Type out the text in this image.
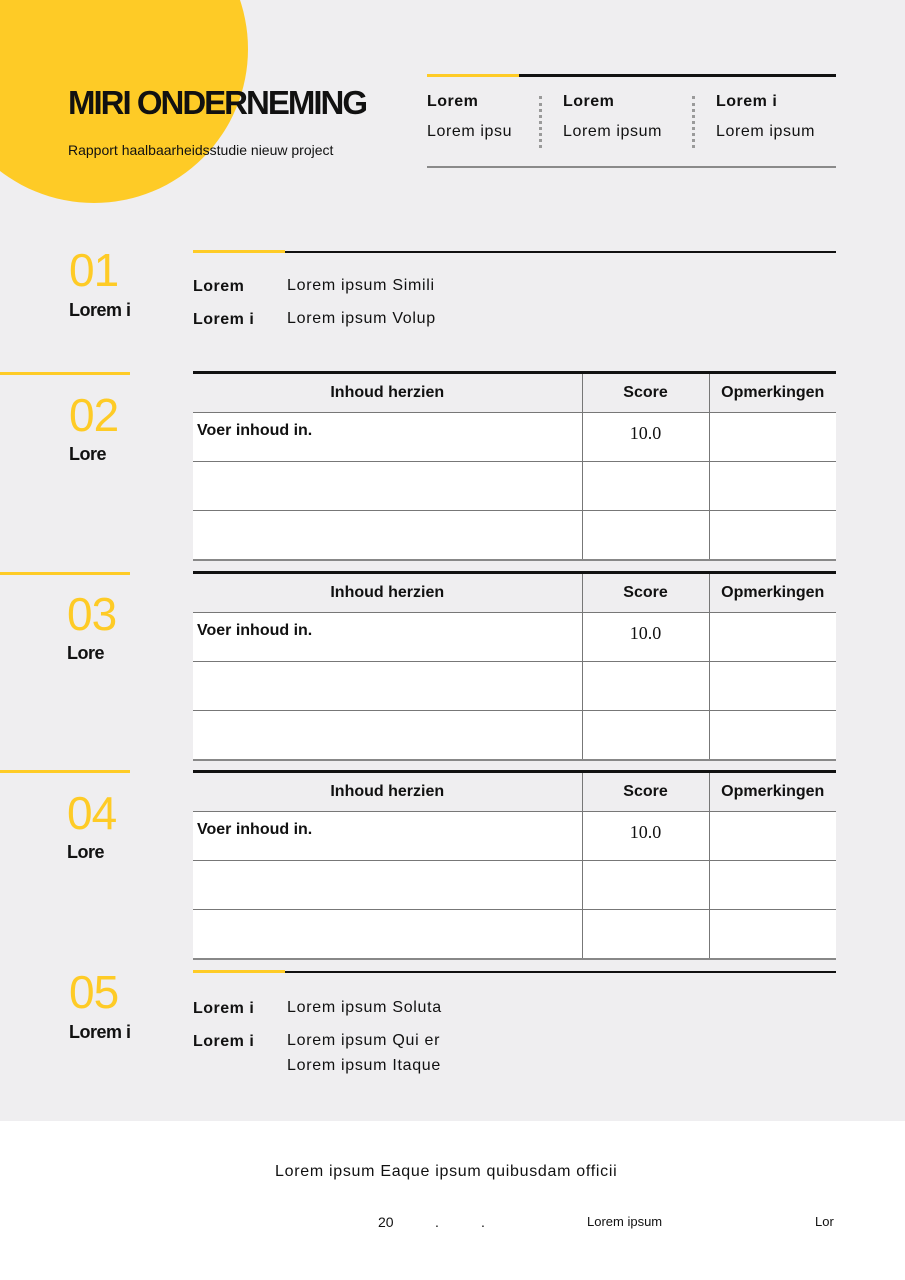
MIRI ONDERNEMING
Rapport haalbaarheidsstudie nieuw project
Lorem
Lorem ipsu
Lorem
Lorem ipsum
Lorem i
Lorem ipsum
01
Lorem i
Lorem	Lorem ipsum Simili
Lorem i Lorem ipsum Volup
02
Lore
Inhoud herzien	Score	Opmerkingen
Voer inhoud in.	10.0	

03
Lore
Inhoud herzien	Score	Opmerkingen
Voer inhoud in.	10.0	

04
Lore
Inhoud herzien	Score	Opmerkingen
Voer inhoud in.	10.0	

05
Lorem i
Lorem i Lorem ipsum Soluta
Lorem i Lorem ipsum Qui er
Lorem ipsum Itaque
Lorem ipsum Eaque ipsum quibusdam officii
20	.	.	Lorem ipsum	Lor
